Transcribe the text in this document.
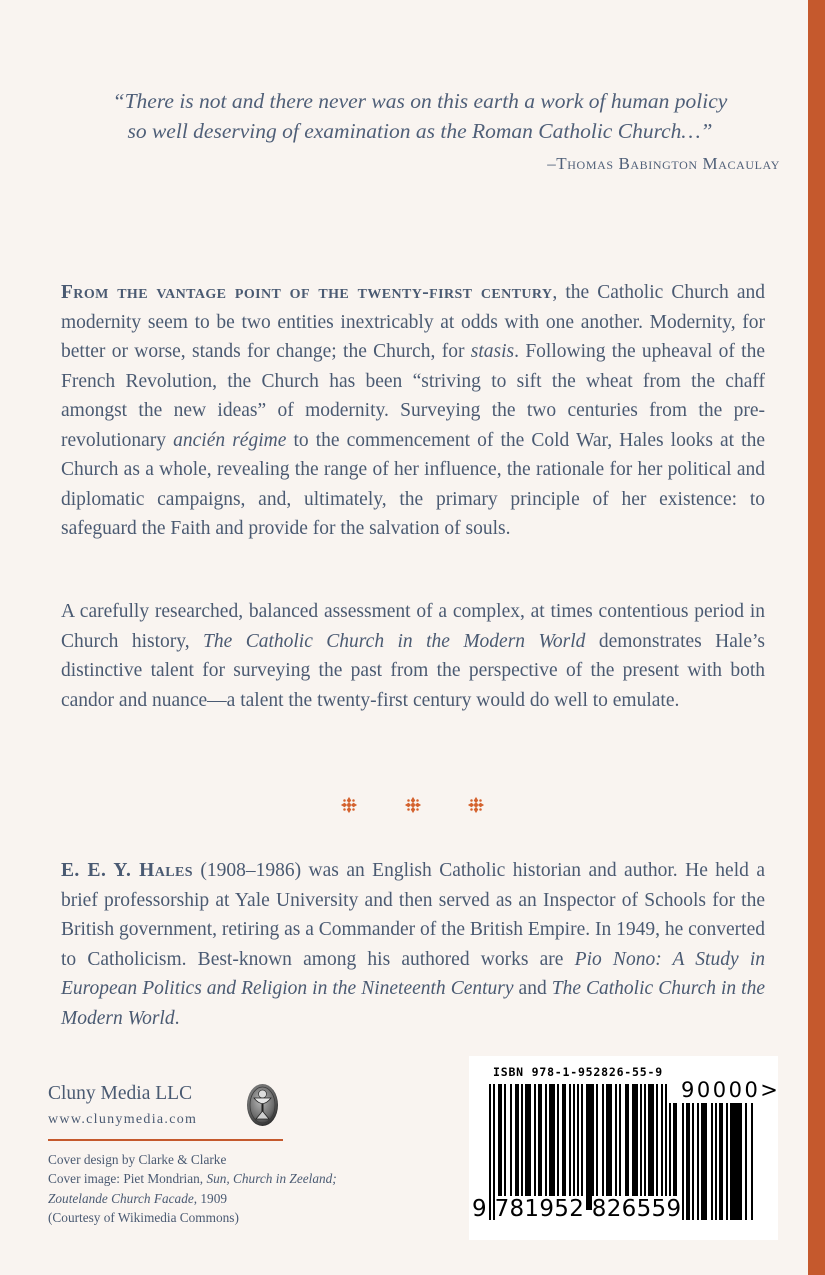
“There is not and there never was on this earth a work of human policy
so well deserving of examination as the Roman Catholic Church…”
–Thomas Babington Macaulay
From the vantage point of the twenty-first century, the Catholic Church and modernity seem to be two entities inextricably at odds with one another. Modernity, for better or worse, stands for change; the Church, for stasis. Following the upheaval of the French Revolution, the Church has been “striving to sift the wheat from the chaff amongst the new ideas” of modernity. Surveying the two centuries from the pre-revolutionary ancién régime to the commencement of the Cold War, Hales looks at the Church as a whole, revealing the range of her influence, the rationale for her political and diplomatic campaigns, and, ultimately, the primary principle of her existence: to safeguard the Faith and provide for the salvation of souls.
A carefully researched, balanced assessment of a complex, at times contentious period in Church history, The Catholic Church in the Modern World demonstrates Hale’s distinctive talent for surveying the past from the perspective of the present with both candor and nuance—a talent the twenty-first century would do well to emulate.
E. E. Y. Hales (1908–1986) was an English Catholic historian and author. He held a brief professorship at Yale University and then served as an Inspector of Schools for the British government, retiring as a Commander of the British Empire. In 1949, he converted to Catholicism. Best-known among his authored works are Pio Nono: A Study in European Politics and Religion in the Nineteenth Century and The Catholic Church in the Modern World.
Cluny Media LLC
www.clunymedia.com
Cover design by Clarke & Clarke
Cover image: Piet Mondrian, Sun, Church in Zeeland;
Zoutelande Church Facade, 1909
(Courtesy of Wikimedia Commons)
ISBN 978-1-952826-55-9
90000>
9 781952 826559
